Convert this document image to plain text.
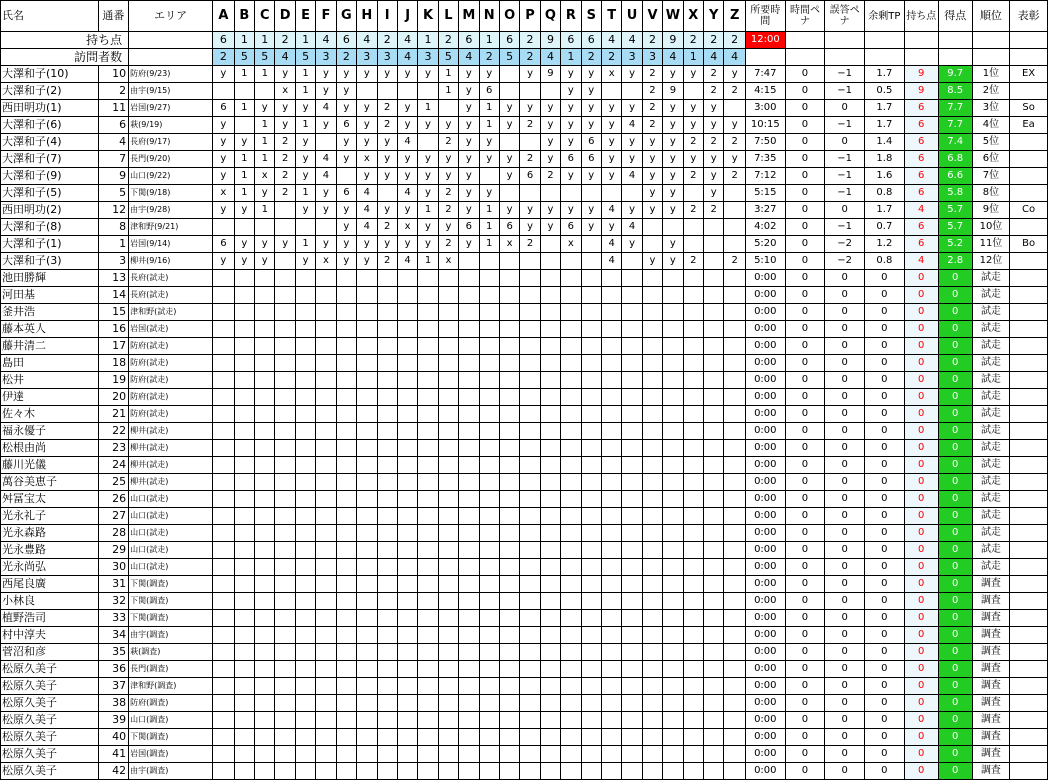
氏名	通番	エリア	A	B	C	D	E	F	G	H	I	J	K	L	M	N	O	P	Q	R	S	T	U	V	W	X	Y	Z	所要時間	時間ペナ	誤答ペナ	余剰TP	持ち点	得点	順位	表彰
持ち点			6	1	1	2	1	4	6	4	2	4	1	2	6	1	6	2	9	6	6	4	4	2	9	2	2	2	12:00							
訪問者数			2	5	5	4	5	3	2	3	3	4	3	5	4	2	5	2	4	1	2	2	3	3	4	1	4	4								
大澤和子(10)	10	防府(9/23)	y	1	1	y	1	y	y	y	y	y	y	1	y	y		y	9	y	y	x	y	2	y	y	2	y	7:47	0	−1	1.7	9	9.7	1位	EX
大澤和子(2)	2	由宇(9/15)				x	1	y	y					1	y	6				y	y			2	9		2	2	4:15	0	−1	0.5	9	8.5	2位	
西田明功(1)	11	岩国(9/27)	6	1	y	y	y	4	y	y	2	y	1		y	1	y	y	y	y	y	y	y	2	y	y	y		3:00	0	0	1.7	6	7.7	3位	So
大澤和子(6)	6	萩(9/19)	y		1	y	1	y	6	y	2	y	y	y	y	1	y	2	y	y	y	y	4	2	y	y	y	y	10:15	0	−1	1.7	6	7.7	4位	Ea
大澤和子(4)	4	長府(9/17)	y	y	1	2	y		y	y	y	4		2	y	y			y	y	6	y	y	y	y	2	2	2	7:50	0	0	1.4	6	7.4	5位	
大澤和子(7)	7	長門(9/20)	y	1	1	2	y	4	y	x	y	y	y	y	y	y	y	2	y	6	6	y	y	y	y	y	y	y	7:35	0	−1	1.8	6	6.8	6位	
大澤和子(9)	9	山口(9/22)	y	1	x	2	y	4		y	y	y	y	y	y		y	6	2	y	y	y	4	y	y	2	y	2	7:12	0	−1	1.6	6	6.6	7位	
大澤和子(5)	5	下関(9/18)	x	1	y	2	1	y	6	4		4	y	2	y	y								y	y		y		5:15	0	−1	0.8	6	5.8	8位	
西田明功(2)	12	由宇(9/28)	y	y	1		y	y	y	4	y	y	1	2	y	1	y	y	y	y	y	4	y	y	y	2	2		3:27	0	0	1.7	4	5.7	9位	Co
大澤和子(8)	8	津和野(9/21)							y	4	2	x	y	y	6	1	6	y	y	6	y	y	4						4:02	0	−1	0.7	6	5.7	10位	
大澤和子(1)	1	岩国(9/14)	6	y	y	y	1	y	y	y	y	y	y	2	y	1	x	2		x		4	y		y				5:20	0	−2	1.2	6	5.2	11位	Bo
大澤和子(3)	3	柳井(9/16)	y	y	y		y	x	y	y	2	4	1	x								4		y	y	2		2	5:10	0	−2	0.8	4	2.8	12位	
池田勝輝	13	長府(試走)																											0:00	0	0	0	0	0	試走	
河田基	14	長府(試走)																											0:00	0	0	0	0	0	試走	
釜井浩	15	津和野(試走)																											0:00	0	0	0	0	0	試走	
藤本英人	16	岩国(試走)																											0:00	0	0	0	0	0	試走	
藤井清二	17	防府(試走)																											0:00	0	0	0	0	0	試走	
島田	18	防府(試走)																											0:00	0	0	0	0	0	試走	
松井	19	防府(試走)																											0:00	0	0	0	0	0	試走	
伊達	20	防府(試走)																											0:00	0	0	0	0	0	試走	
佐々木	21	防府(試走)																											0:00	0	0	0	0	0	試走	
福永優子	22	柳井(試走)																											0:00	0	0	0	0	0	試走	
松根由尚	23	柳井(試走)																											0:00	0	0	0	0	0	試走	
藤川光儀	24	柳井(試走)																											0:00	0	0	0	0	0	試走	
萬谷美恵子	25	柳井(試走)																											0:00	0	0	0	0	0	試走	
舛冨宝太	26	山口(試走)																											0:00	0	0	0	0	0	試走	
光永礼子	27	山口(試走)																											0:00	0	0	0	0	0	試走	
光永森路	28	山口(試走)																											0:00	0	0	0	0	0	試走	
光永豊路	29	山口(試走)																											0:00	0	0	0	0	0	試走	
光永尚弘	30	山口(試走)																											0:00	0	0	0	0	0	試走	
西尾良廣	31	下関(調査)																											0:00	0	0	0	0	0	調査	
小林良	32	下関(調査)																											0:00	0	0	0	0	0	調査	
植野浩司	33	下関(調査)																											0:00	0	0	0	0	0	調査	
村中淳夫	34	由宇(調査)																											0:00	0	0	0	0	0	調査	
菅沼和彦	35	萩(調査)																											0:00	0	0	0	0	0	調査	
松原久美子	36	長門(調査)																											0:00	0	0	0	0	0	調査	
松原久美子	37	津和野(調査)																											0:00	0	0	0	0	0	調査	
松原久美子	38	防府(調査)																											0:00	0	0	0	0	0	調査	
松原久美子	39	山口(調査)																											0:00	0	0	0	0	0	調査	
松原久美子	40	下関(調査)																											0:00	0	0	0	0	0	調査	
松原久美子	41	岩国(調査)																											0:00	0	0	0	0	0	調査	
松原久美子	42	由宇(調査)																											0:00	0	0	0	0	0	調査	
